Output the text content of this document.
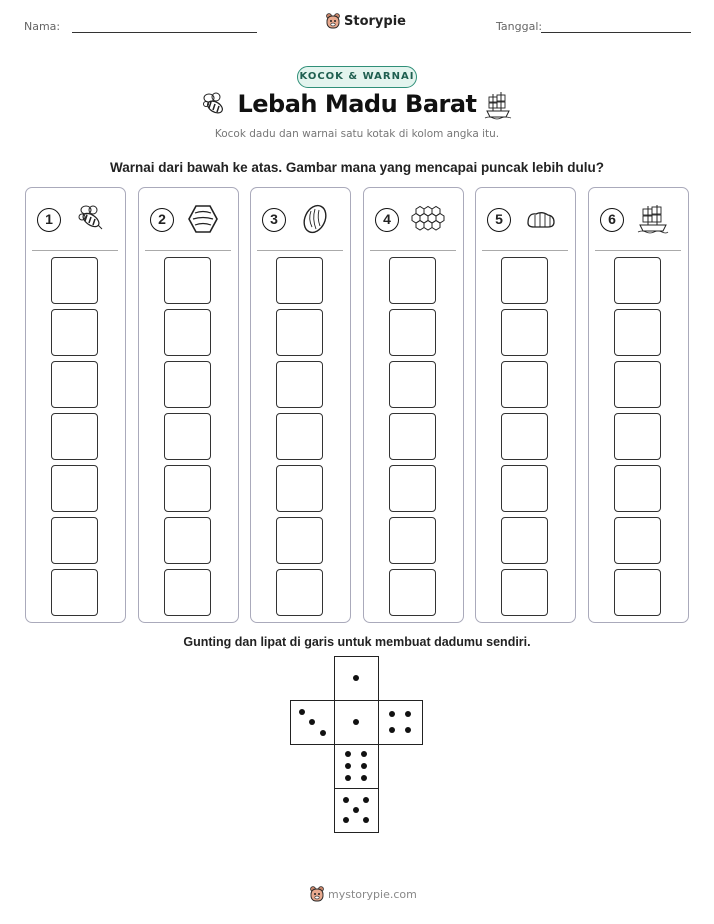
Nama:	Storypie	Tanggal:
KOCOK & WARNAI
Lebah Madu Barat
Kocok dadu dan warnai satu kotak di kolom angka itu.
Warnai dari bawah ke atas. Gambar mana yang mencapai puncak lebih dulu?
1	2	3	4	5	6
Gunting dan lipat di garis untuk membuat dadumu sendiri.
mystorypie.com
